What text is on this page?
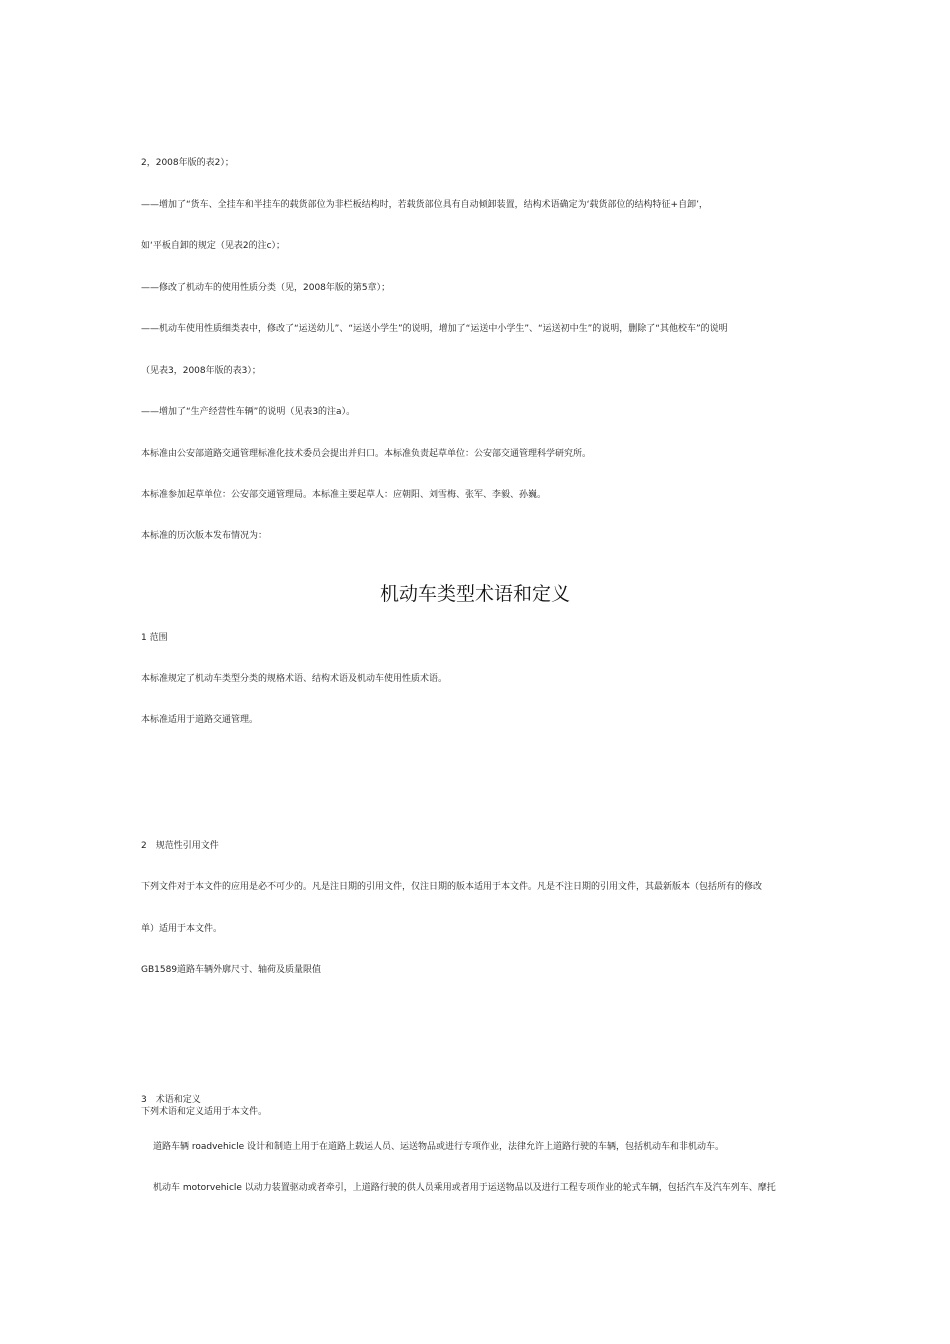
2，2008年版的表2）；
——增加了“货车、全挂车和半挂车的载货部位为非栏板结构时，若载货部位具有自动倾卸装置，结构术语确定为‘载货部位的结构特征+自卸’，
如‘平板自卸的规定（见表2的注c）；
——修改了机动车的使用性质分类（见，2008年版的第5章）；
——机动车使用性质细类表中，修改了“运送幼儿”、“运送小学生”的说明，增加了“运送中小学生”、“运送初中生”的说明，删除了“其他校车”的说明
（见表3，2008年版的表3）；
——增加了“生产经营性车辆”的说明（见表3的注a）。
本标准由公安部道路交通管理标准化技术委员会提出并归口。本标准负责起草单位：公安部交通管理科学研究所。
本标准参加起草单位：公安部交通管理局。本标准主要起草人：应朝阳、刘雪梅、张军、李毅、孙巍。
本标准的历次版本发布情况为：
机动车类型术语和定义
1 范围
本标准规定了机动车类型分类的规格术语、结构术语及机动车使用性质术语。
本标准适用于道路交通管理。
2　规范性引用文件
下列文件对于本文件的应用是必不可少的。凡是注日期的引用文件，仅注日期的版本适用于本文件。凡是不注日期的引用文件，其最新版本（包括所有的修改
单）适用于本文件。
GB1589道路车辆外廓尺寸、轴荷及质量限值
3　术语和定义
下列术语和定义适用于本文件。
道路车辆 roadvehicle 设计和制造上用于在道路上载运人员、运送物品或进行专项作业，法律允许上道路行驶的车辆，包括机动车和非机动车。
机动车 motorvehicle 以动力装置驱动或者牵引，上道路行驶的供人员乘用或者用于运送物品以及进行工程专项作业的轮式车辆，包括汽车及汽车列车、摩托
